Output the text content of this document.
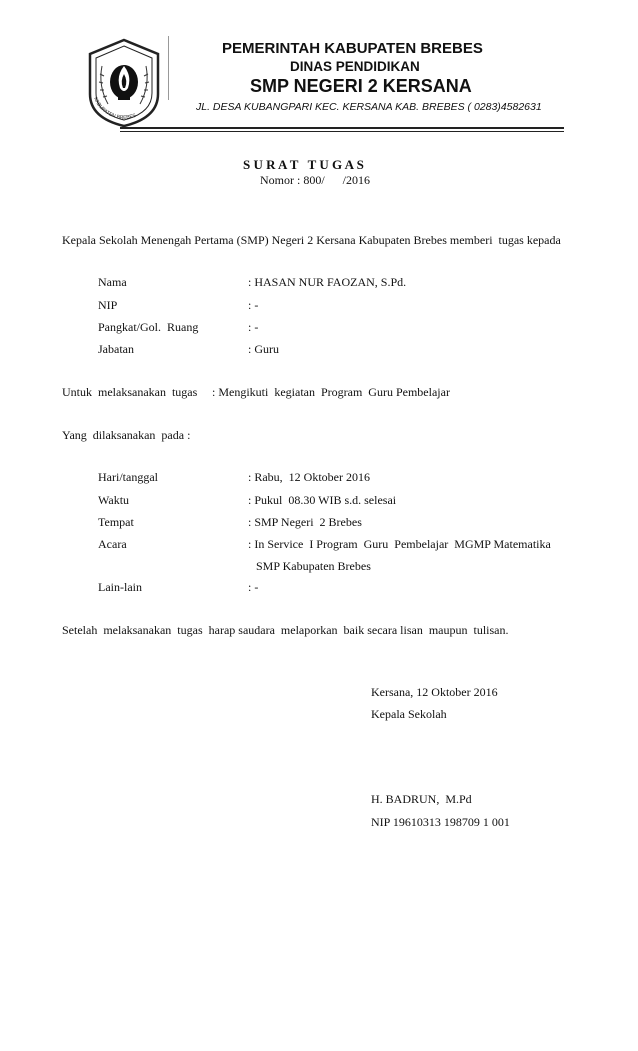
KABUPATEN BREBES
PEMERINTAH KABUPATEN BREBES
DINAS PENDIDIKAN
SMP NEGERI 2 KERSANA
JL. DESA KUBANGPARI KEC. KERSANA KAB. BREBES ( 0283)4582631
S U R A T   T U G A S
Nomor : 800/      /2016
Kepala Sekolah Menengah Pertama (SMP) Negeri 2 Kersana Kabupaten Brebes memberi  tugas kepada
Nama	: HASAN NUR FAOZAN, S.Pd.
NIP	: -
Pangkat/Gol.  Ruang	: -
Jabatan	: Guru
Untuk  melaksanakan  tugas : Mengikuti  kegiatan  Program  Guru Pembelajar
Yang  dilaksanakan  pada :
Hari/tanggal	: Rabu,  12 Oktober 2016
Waktu	: Pukul  08.30 WIB s.d. selesai
Tempat	: SMP Negeri  2 Brebes
Acara	: In Service  I Program  Guru  Pembelajar  MGMP Matematika
SMP Kabupaten Brebes
Lain-lain	: -
Setelah  melaksanakan  tugas  harap saudara  melaporkan  baik secara lisan  maupun  tulisan.
Kersana, 12 Oktober 2016
Kepala Sekolah
H. BADRUN,  M.Pd
NIP 19610313 198709 1 001
